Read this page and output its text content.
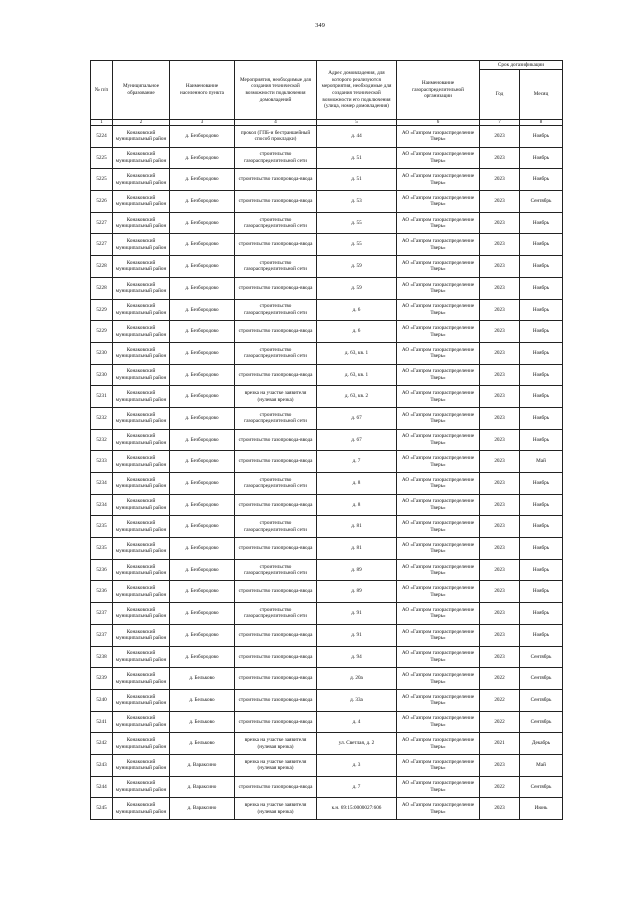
349
№ п/п	Муниципальное образование	Наименование населенного пункта	Мероприятия, необходимые для создания технической возможности подключения домовладений	Адрес домовладения, для которого реализуются мероприятия, необходимые для создания технической возможности его подключения (улица, номер домовладения)	Наименование газораспределительной организации	Срок догазификации	
						Год	Месяц
1	2	3	4	5	6	7	8
5224	Конаковский муниципальный район	д. Безбородово	прокол (ГПБ-и бестраншейный способ прокладки)	д. 44	АО «Газпром газораспределение Тверь»	2023	Ноябрь
5225	Конаковский муниципальный район	д. Безбородово	строительство газораспределительной сети	д. 51	АО «Газпром газораспределение Тверь»	2023	Ноябрь
5225	Конаковский муниципальный район	д. Безбородово	строительство газопровода-ввода	д. 51	АО «Газпром газораспределение Тверь»	2023	Ноябрь
5226	Конаковский муниципальный район	д. Безбородово	строительство газопровода-ввода	д. 53	АО «Газпром газораспределение Тверь»	2023	Сентябрь
5227	Конаковский муниципальный район	д. Безбородово	строительство газораспределительной сети	д. 55	АО «Газпром газораспределение Тверь»	2023	Ноябрь
5227	Конаковский муниципальный район	д. Безбородово	строительство газопровода-ввода	д. 55	АО «Газпром газораспределение Тверь»	2023	Ноябрь
5228	Конаковский муниципальный район	д. Безбородово	строительство газораспределительной сети	д. 59	АО «Газпром газораспределение Тверь»	2023	Ноябрь
5228	Конаковский муниципальный район	д. Безбородово	строительство газопровода-ввода	д. 59	АО «Газпром газораспределение Тверь»	2023	Ноябрь
5229	Конаковский муниципальный район	д. Безбородово	строительство газораспределительной сети	д. 6	АО «Газпром газораспределение Тверь»	2023	Ноябрь
5229	Конаковский муниципальный район	д. Безбородово	строительство газопровода-ввода	д. 6	АО «Газпром газораспределение Тверь»	2023	Ноябрь
5230	Конаковский муниципальный район	д. Безбородово	строительство газораспределительной сети	д. 63, кв. 1	АО «Газпром газораспределение Тверь»	2023	Ноябрь
5230	Конаковский муниципальный район	д. Безбородово	строительство газопровода-ввода	д. 63, кв. 1	АО «Газпром газораспределение Тверь»	2023	Ноябрь
5231	Конаковский муниципальный район	д. Безбородово	врезка на участке заявителя (нулевая врезка)	д. 63, кв. 2	АО «Газпром газораспределение Тверь»	2023	Ноябрь
5232	Конаковский муниципальный район	д. Безбородово	строительство газораспределительной сети	д. 67	АО «Газпром газораспределение Тверь»	2023	Ноябрь
5232	Конаковский муниципальный район	д. Безбородово	строительство газопровода-ввода	д. 67	АО «Газпром газораспределение Тверь»	2023	Ноябрь
5233	Конаковский муниципальный район	д. Безбородово	строительство газопровода-ввода	д. 7	АО «Газпром газораспределение Тверь»	2023	Май
5234	Конаковский муниципальный район	д. Безбородово	строительство газораспределительной сети	д. 8	АО «Газпром газораспределение Тверь»	2023	Ноябрь
5234	Конаковский муниципальный район	д. Безбородово	строительство газопровода-ввода	д. 8	АО «Газпром газораспределение Тверь»	2023	Ноябрь
5235	Конаковский муниципальный район	д. Безбородово	строительство газораспределительной сети	д. 81	АО «Газпром газораспределение Тверь»	2023	Ноябрь
5235	Конаковский муниципальный район	д. Безбородово	строительство газопровода-ввода	д. 81	АО «Газпром газораспределение Тверь»	2023	Ноябрь
5236	Конаковский муниципальный район	д. Безбородово	строительство газораспределительной сети	д. 89	АО «Газпром газораспределение Тверь»	2023	Ноябрь
5236	Конаковский муниципальный район	д. Безбородово	строительство газопровода-ввода	д. 89	АО «Газпром газораспределение Тверь»	2023	Ноябрь
5237	Конаковский муниципальный район	д. Безбородово	строительство газораспределительной сети	д. 91	АО «Газпром газораспределение Тверь»	2023	Ноябрь
5237	Конаковский муниципальный район	д. Безбородово	строительство газопровода-ввода	д. 91	АО «Газпром газораспределение Тверь»	2023	Ноябрь
5238	Конаковский муниципальный район	д. Безбородово	строительство газопровода-ввода	д. 94	АО «Газпром газораспределение Тверь»	2023	Сентябрь
5239	Конаковский муниципальный район	д. Бельково	строительство газопровода-ввода	д. 20а	АО «Газпром газораспределение Тверь»	2022	Сентябрь
5240	Конаковский муниципальный район	д. Бельково	строительство газопровода-ввода	д. 33а	АО «Газпром газораспределение Тверь»	2022	Сентябрь
5241	Конаковский муниципальный район	д. Бельково	строительство газопровода-ввода	д. 4	АО «Газпром газораспределение Тверь»	2022	Сентябрь
5242	Конаковский муниципальный район	д. Бельково	врезка на участке заявителя (нулевая врезка)	ул. Светлая, д. 2	АО «Газпром газораспределение Тверь»	2021	Декабрь
5243	Конаковский муниципальный район	д. Вараксино	врезка на участке заявителя (нулевая врезка)	д. 3	АО «Газпром газораспределение Тверь»	2023	Май
5244	Конаковский муниципальный район	д. Вараксино	строительство газопровода-ввода	д. 7	АО «Газпром газораспределение Тверь»	2022	Сентябрь
5245	Конаковский муниципальный район	д. Вараксино	врезка на участке заявителя (нулевая врезка)	к.н. 69:15:0000027:606	АО «Газпром газораспределение Тверь»	2023	Июнь
